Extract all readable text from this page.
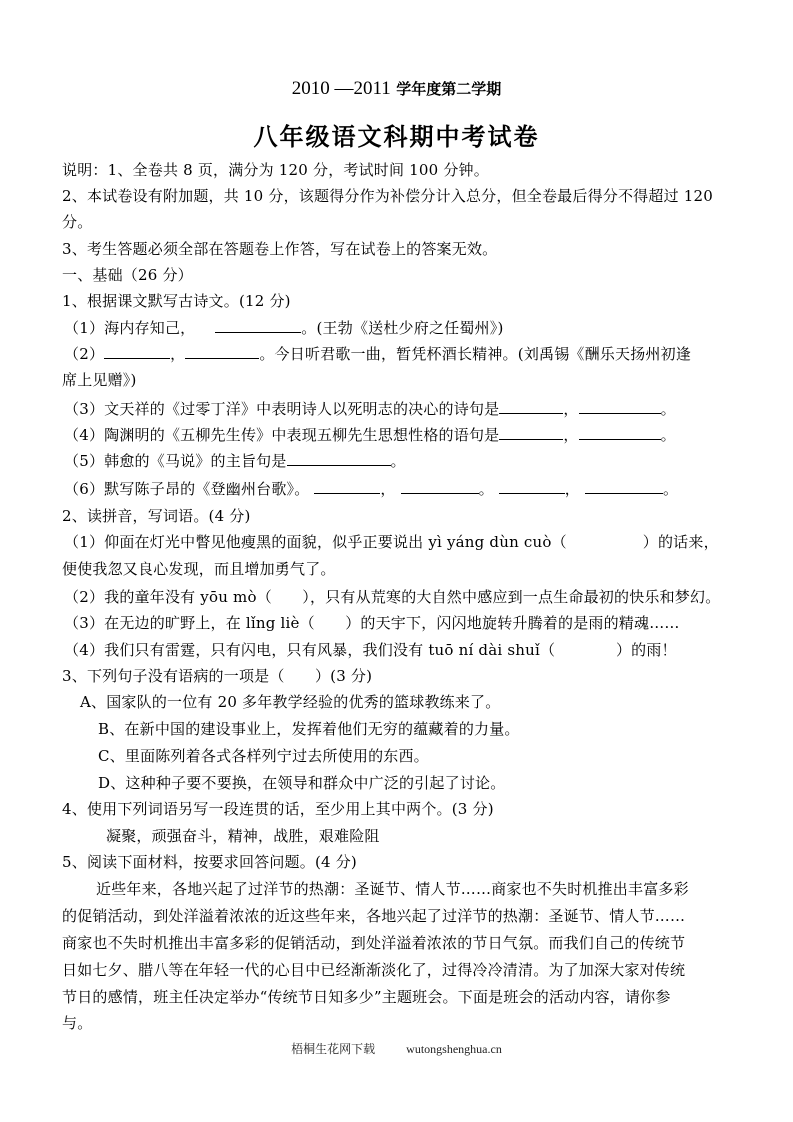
2010 —2011 学年度第二学期
八年级语文科期中考试卷
说明：1、全卷共 8 页，满分为 120 分，考试时间 100 分钟。
2、本试卷设有附加题，共 10 分，该题得分作为补偿分计入总分，但全卷最后得分不得超过 120
分。
3、考生答题必须全部在答题卷上作答，写在试卷上的答案无效。
一、基础（26 分）
1、根据课文默写古诗文。(12 分)
（1）海内存知己，	。(王勃《送杜少府之任蜀州》)
（2）	，	。今日听君歌一曲，暂凭杯酒长精神。(刘禹锡《酬乐天扬州初逢
席上见赠》)
（3）文天祥的《过零丁洋》中表明诗人以死明志的决心的诗句是	，	。
（4）陶渊明的《五柳先生传》中表现五柳先生思想性格的语句是	，	。
（5）韩愈的《马说》的主旨句是	。
（6）默写陈子昂的《登幽州台歌》。	，	。	，	。
2、读拼音，写词语。(4 分)
（1）仰面在灯光中瞥见他瘦黑的面貌，似乎正要说出 yì yáng dùn cuò（　　　　　）的话来，
便使我忽又良心发现，而且增加勇气了。
（2）我的童年没有 yōu mò（　　），只有从荒寒的大自然中感应到一点生命最初的快乐和梦幻。
（3）在无边的旷野上，在 lǐng liè（　　）的天宇下，闪闪地旋转升腾着的是雨的精魂……
（4）我们只有雷霆，只有闪电，只有风暴，我们没有 tuō ní dài shuǐ（　　　　）的雨！
3、下列句子没有语病的一项是（　　）(3 分)
A、国家队的一位有 20 多年教学经验的优秀的篮球教练来了。
B、在新中国的建设事业上，发挥着他们无穷的蕴藏着的力量。
C、里面陈列着各式各样列宁过去所使用的东西。
D、这种种子要不要换，在领导和群众中广泛的引起了讨论。
4、使用下列词语另写一段连贯的话，至少用上其中两个。(3 分)
凝聚，顽强奋斗，精神，战胜，艰难险阻
5、阅读下面材料，按要求回答问题。(4 分)
近些年来，各地兴起了过洋节的热潮：圣诞节、情人节……商家也不失时机推出丰富多彩
的促销活动，到处洋溢着浓浓的近这些年来，各地兴起了过洋节的热潮：圣诞节、情人节……
商家也不失时机推出丰富多彩的促销活动，到处洋溢着浓浓的节日气氛。而我们自己的传统节
日如七夕、腊八等在年轻一代的心目中已经渐渐淡化了，过得冷冷清清。为了加深大家对传统
节日的感情，班主任决定举办“传统节日知多少”主题班会。下面是班会的活动内容，请你参
与。
梧桐生花网下载	wutongshenghua.cn
